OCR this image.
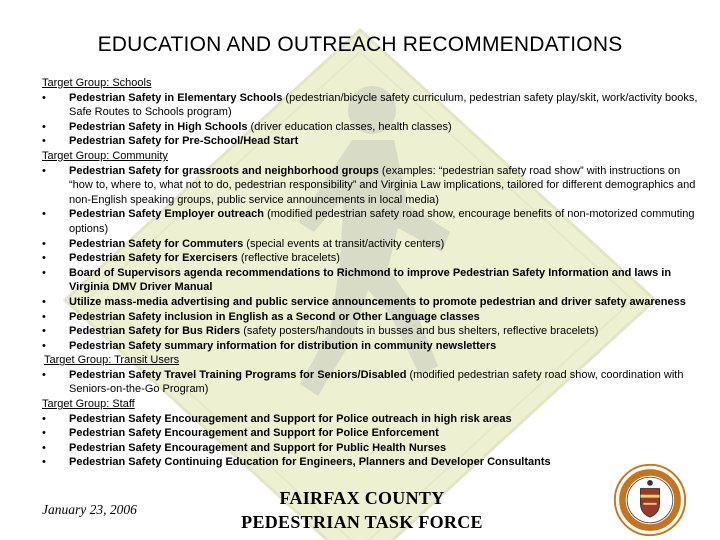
EDUCATION AND OUTREACH RECOMMENDATIONS
Target Group: Schools
•	Pedestrian Safety in Elementary Schools (pedestrian/bicycle safety curriculum, pedestrian safety play/skit, work/activity books, Safe Routes to Schools program)
•	Pedestrian Safety in High Schools (driver education classes, health classes)
•	Pedestrian Safety for Pre-School/Head Start
Target Group: Community
•	Pedestrian Safety for grassroots and neighborhood groups (examples: “pedestrian safety road show” with instructions on “how to, where to, what not to do, pedestrian responsibility” and Virginia Law implications, tailored for different demographics and non-English speaking groups, public service announcements in local media)
•	Pedestrian Safety Employer outreach (modified pedestrian safety road show, encourage benefits of non-motorized commuting options)
•	Pedestrian Safety for Commuters (special events at transit/activity centers)
•	Pedestrian Safety for Exercisers (reflective bracelets)
•	Board of Supervisors agenda recommendations to Richmond to improve Pedestrian Safety Information and laws in Virginia DMV Driver Manual
•	Utilize mass-media advertising and public service announcements to promote pedestrian and driver safety awareness
•	Pedestrian Safety inclusion in English as a Second or Other Language classes
•	Pedestrian Safety for Bus Riders (safety posters/handouts in busses and bus shelters, reflective bracelets)
•	Pedestrian Safety summary information for distribution in community newsletters
Target Group: Transit Users
•	Pedestrian Safety Travel Training Programs for Seniors/Disabled (modified pedestrian safety road show, coordination with Seniors-on-the-Go Program)
Target Group: Staff
•	Pedestrian Safety Encouragement and Support for Police outreach in high risk areas
•	Pedestrian Safety Encouragement and Support for Police Enforcement
•	Pedestrian Safety Encouragement and Support for Public Health Nurses
•	Pedestrian Safety Continuing Education for Engineers, Planners and Developer Consultants
January 23, 2006
FAIRFAX COUNTY
PEDESTRIAN TASK FORCE
